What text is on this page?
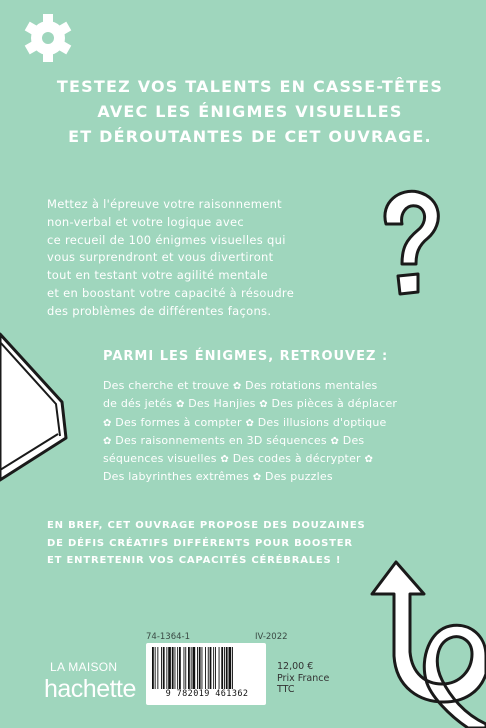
TESTEZ VOS TALENTS EN CASSE-TÊTES
AVEC LES ÉNIGMES VISUELLES
ET DÉROUTANTES DE CET OUVRAGE.
Mettez à l'épreuve votre raisonnement
non-verbal et votre logique avec
ce recueil de 100 énigmes visuelles qui
vous surprendront et vous divertiront
tout en testant votre agilité mentale
et en boostant votre capacité à résoudre
des problèmes de différentes façons.
PARMI LES ÉNIGMES, RETROUVEZ :
Des cherche et trouve ✿ Des rotations mentales
de dés jetés ✿ Des Hanjies ✿ Des pièces à déplacer
✿ Des formes à compter ✿ Des illusions d'optique
✿ Des raisonnements en 3D séquences ✿ Des
séquences visuelles ✿ Des codes à décrypter ✿
Des labyrinthes extrêmes ✿ Des puzzles
EN BREF, CET OUVRAGE PROPOSE DES DOUZAINES
DE DÉFIS CRÉATIFS DIFFÉRENTS POUR BOOSTER
ET ENTRETENIR VOS CAPACITÉS CÉRÉBRALES !
74-1364-1	IV-2022
LA MAISON
hachette	9 782019 461362
12,00 €
Prix France
TTC
